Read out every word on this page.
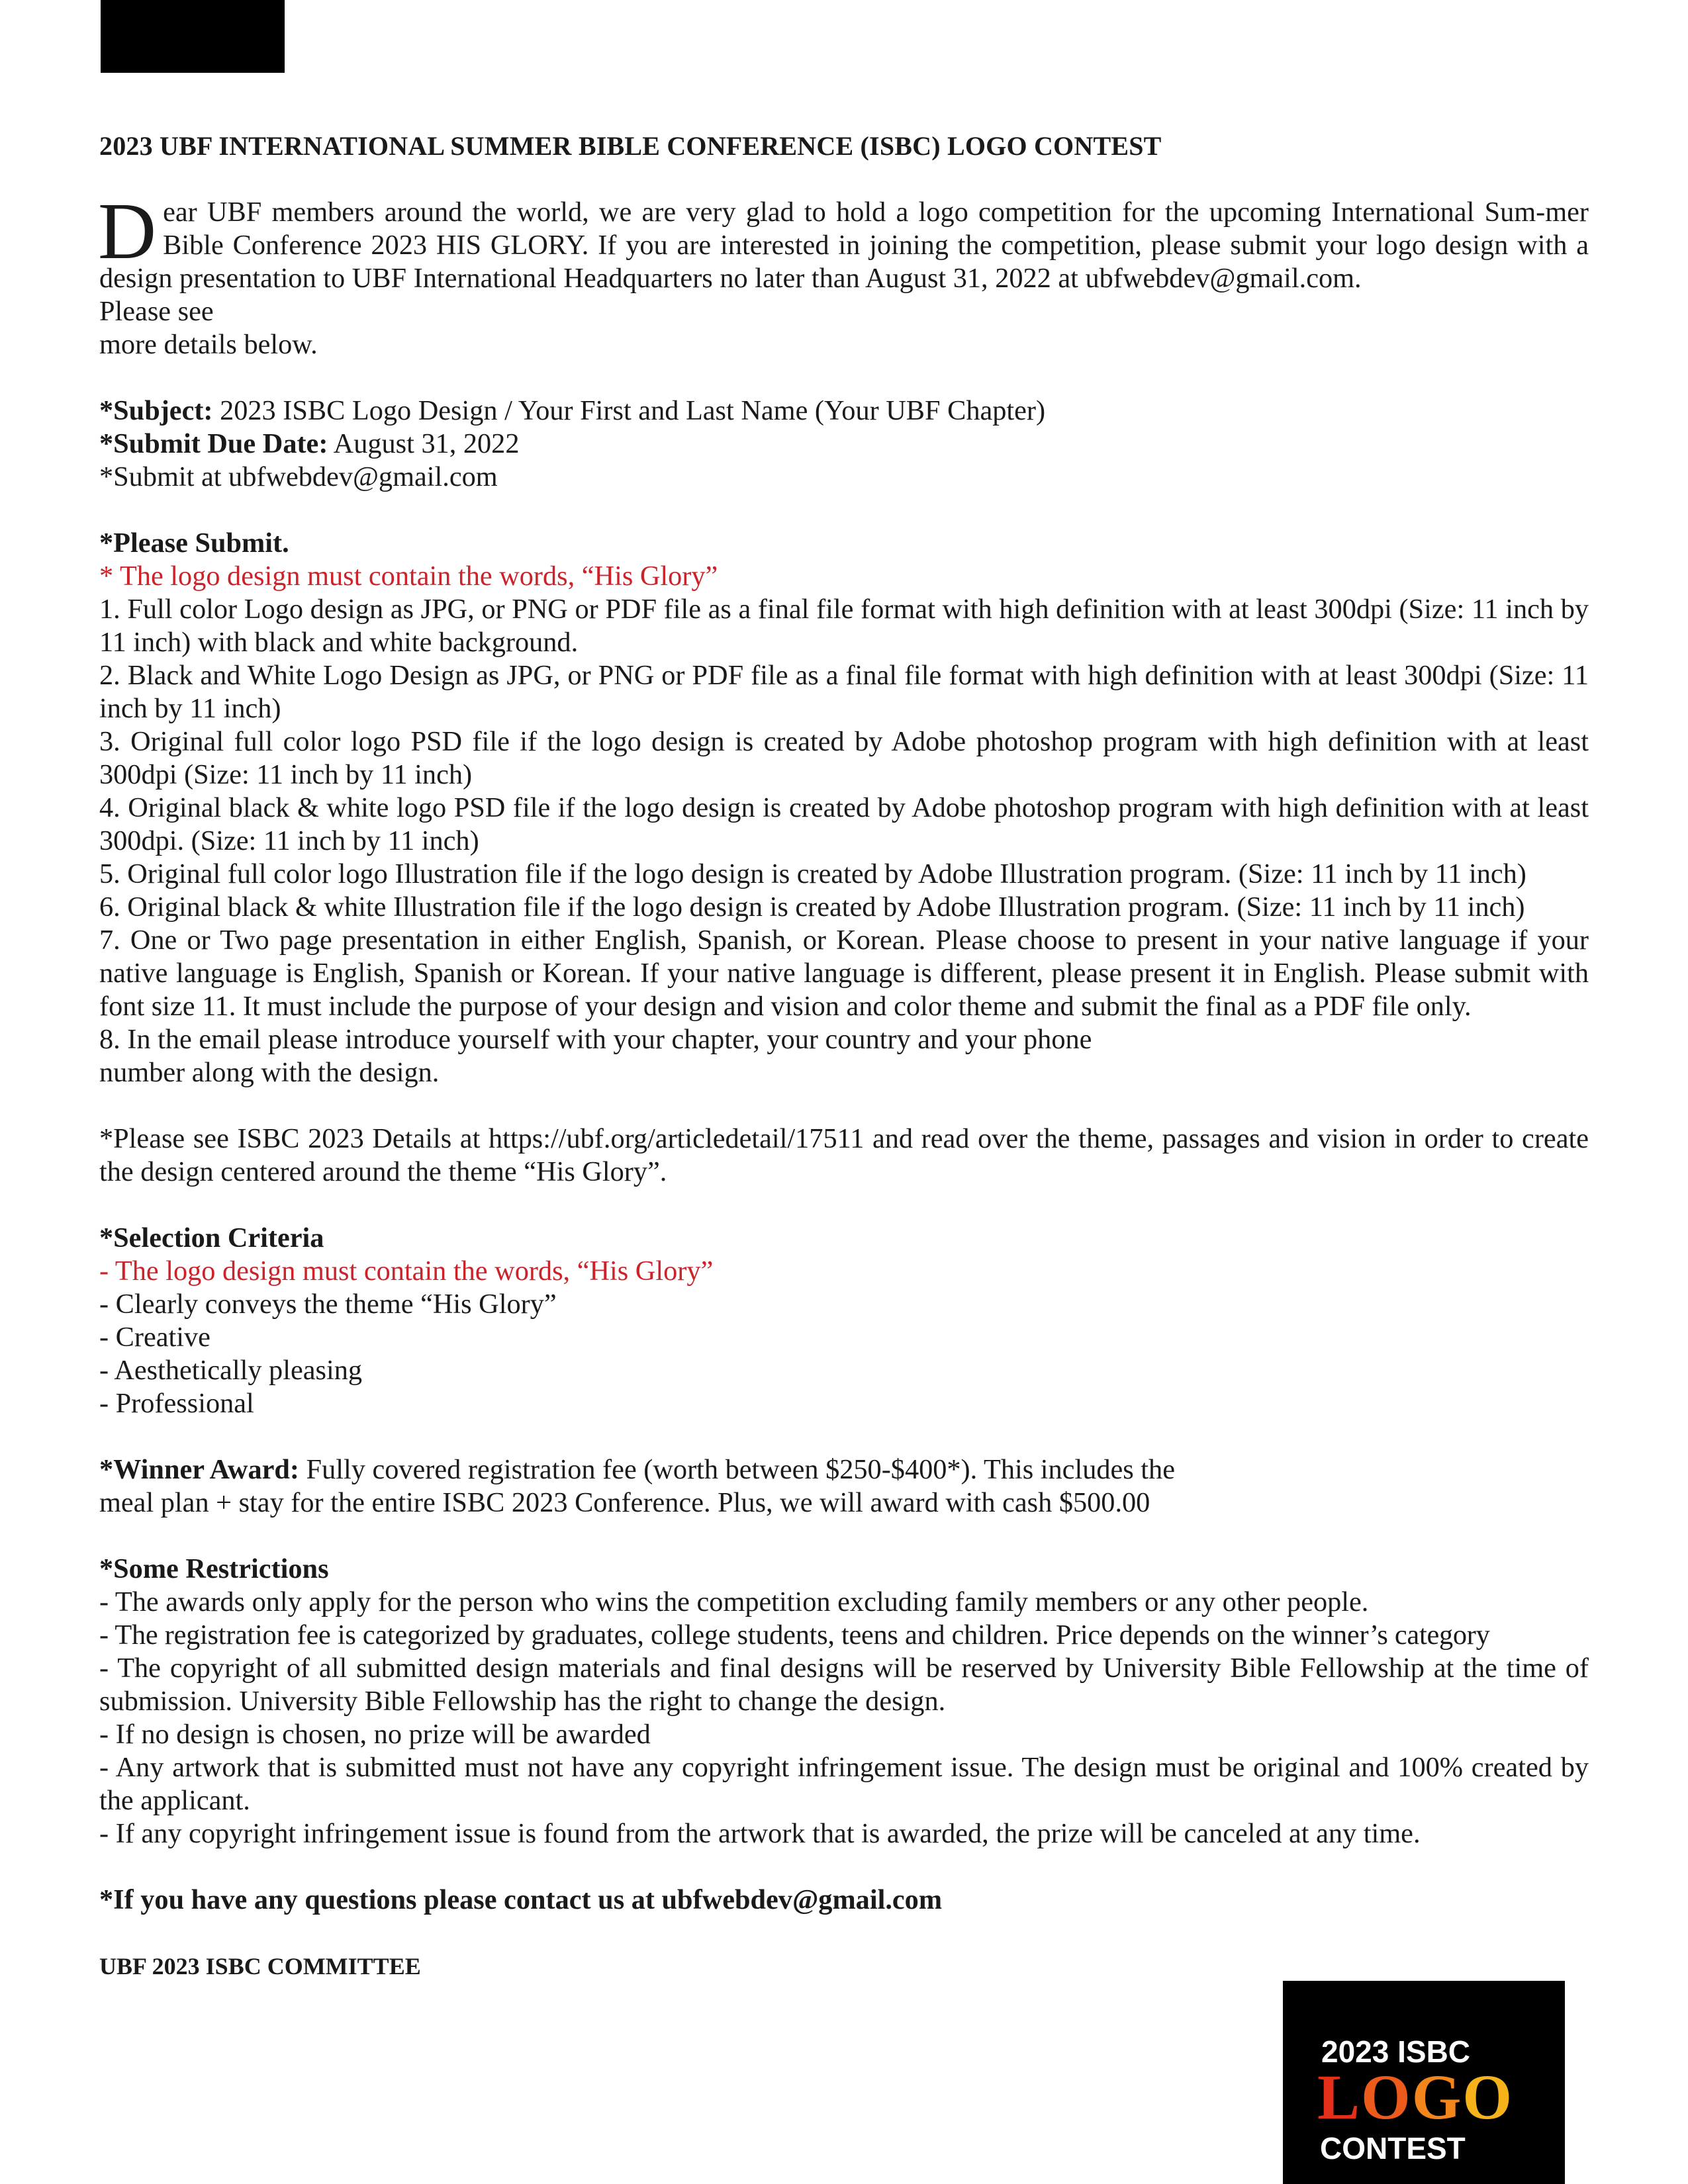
2023 UBF INTERNATIONAL SUMMER BIBLE CONFERENCE (ISBC) LOGO CONTEST

Dear UBF members around the world, we are very glad to hold a logo competition for the upcoming International Sum-mer Bible Conference 2023 HIS GLORY. If you are interested in joining the competition, please submit your logo design with a design presentation to UBF International Headquarters no later than August 31, 2022 at ubfwebdev@gmail.com.

Please see

more details below.

*Subject: 2023 ISBC Logo Design / Your First and Last Name (Your UBF Chapter)

*Submit Due Date: August 31, 2022

*Submit at ubfwebdev@gmail.com

*Please Submit.

* The logo design must contain the words, “His Glory”

1. Full color Logo design as JPG, or PNG or PDF file as a final file format with high definition with at least 300dpi (Size: 11 inch by 11 inch) with black and white background.

2. Black and White Logo Design as JPG, or PNG or PDF file as a final file format with high definition with at least 300dpi (Size: 11 inch by 11 inch)

3. Original full color logo PSD file if the logo design is created by Adobe photoshop program with high definition with at least 300dpi (Size: 11 inch by 11 inch)

4. Original black & white logo PSD file if the logo design is created by Adobe photoshop program with high definition with at least 300dpi. (Size: 11 inch by 11 inch)

5. Original full color logo Illustration file if the logo design is created by Adobe Illustration program. (Size: 11 inch by 11 inch)

6. Original black & white Illustration file if the logo design is created by Adobe Illustration program. (Size: 11 inch by 11 inch)

7. One or Two page presentation in either English, Spanish, or Korean. Please choose to present in your native language if your native language is English, Spanish or Korean. If your native language is different, please present it in English. Please submit with font size 11. It must include the purpose of your design and vision and color theme and submit the final as a PDF file only.

8. In the email please introduce yourself with your chapter, your country and your phone

number along with the design.

*Please see ISBC 2023 Details at https://ubf.org/articledetail/17511 and read over the theme, passages and vision in order to create the design centered around the theme “His Glory”.

*Selection Criteria

- The logo design must contain the words, “His Glory”

- Clearly conveys the theme “His Glory”

- Creative

- Aesthetically pleasing

- Professional

*Winner Award: Fully covered registration fee (worth between $250-$400*). This includes the

meal plan + stay for the entire ISBC 2023 Conference. Plus, we will award with cash $500.00

*Some Restrictions

- The awards only apply for the person who wins the competition excluding family members or any other people.

- The registration fee is categorized by graduates, college students, teens and children. Price depends on the winner’s category

- The copyright of all submitted design materials and final designs will be reserved by University Bible Fellowship at the time of submission. University Bible Fellowship has the right to change the design.

- If no design is chosen, no prize will be awarded

- Any artwork that is submitted must not have any copyright infringement issue. The design must be original and 100% created by the applicant.

- If any copyright infringement issue is found from the artwork that is awarded, the prize will be canceled at any time.

*If you have any questions please contact us at ubfwebdev@gmail.com

UBF 2023 ISBC COMMITTEE

2023 ISBC
LOGO
CONTEST
